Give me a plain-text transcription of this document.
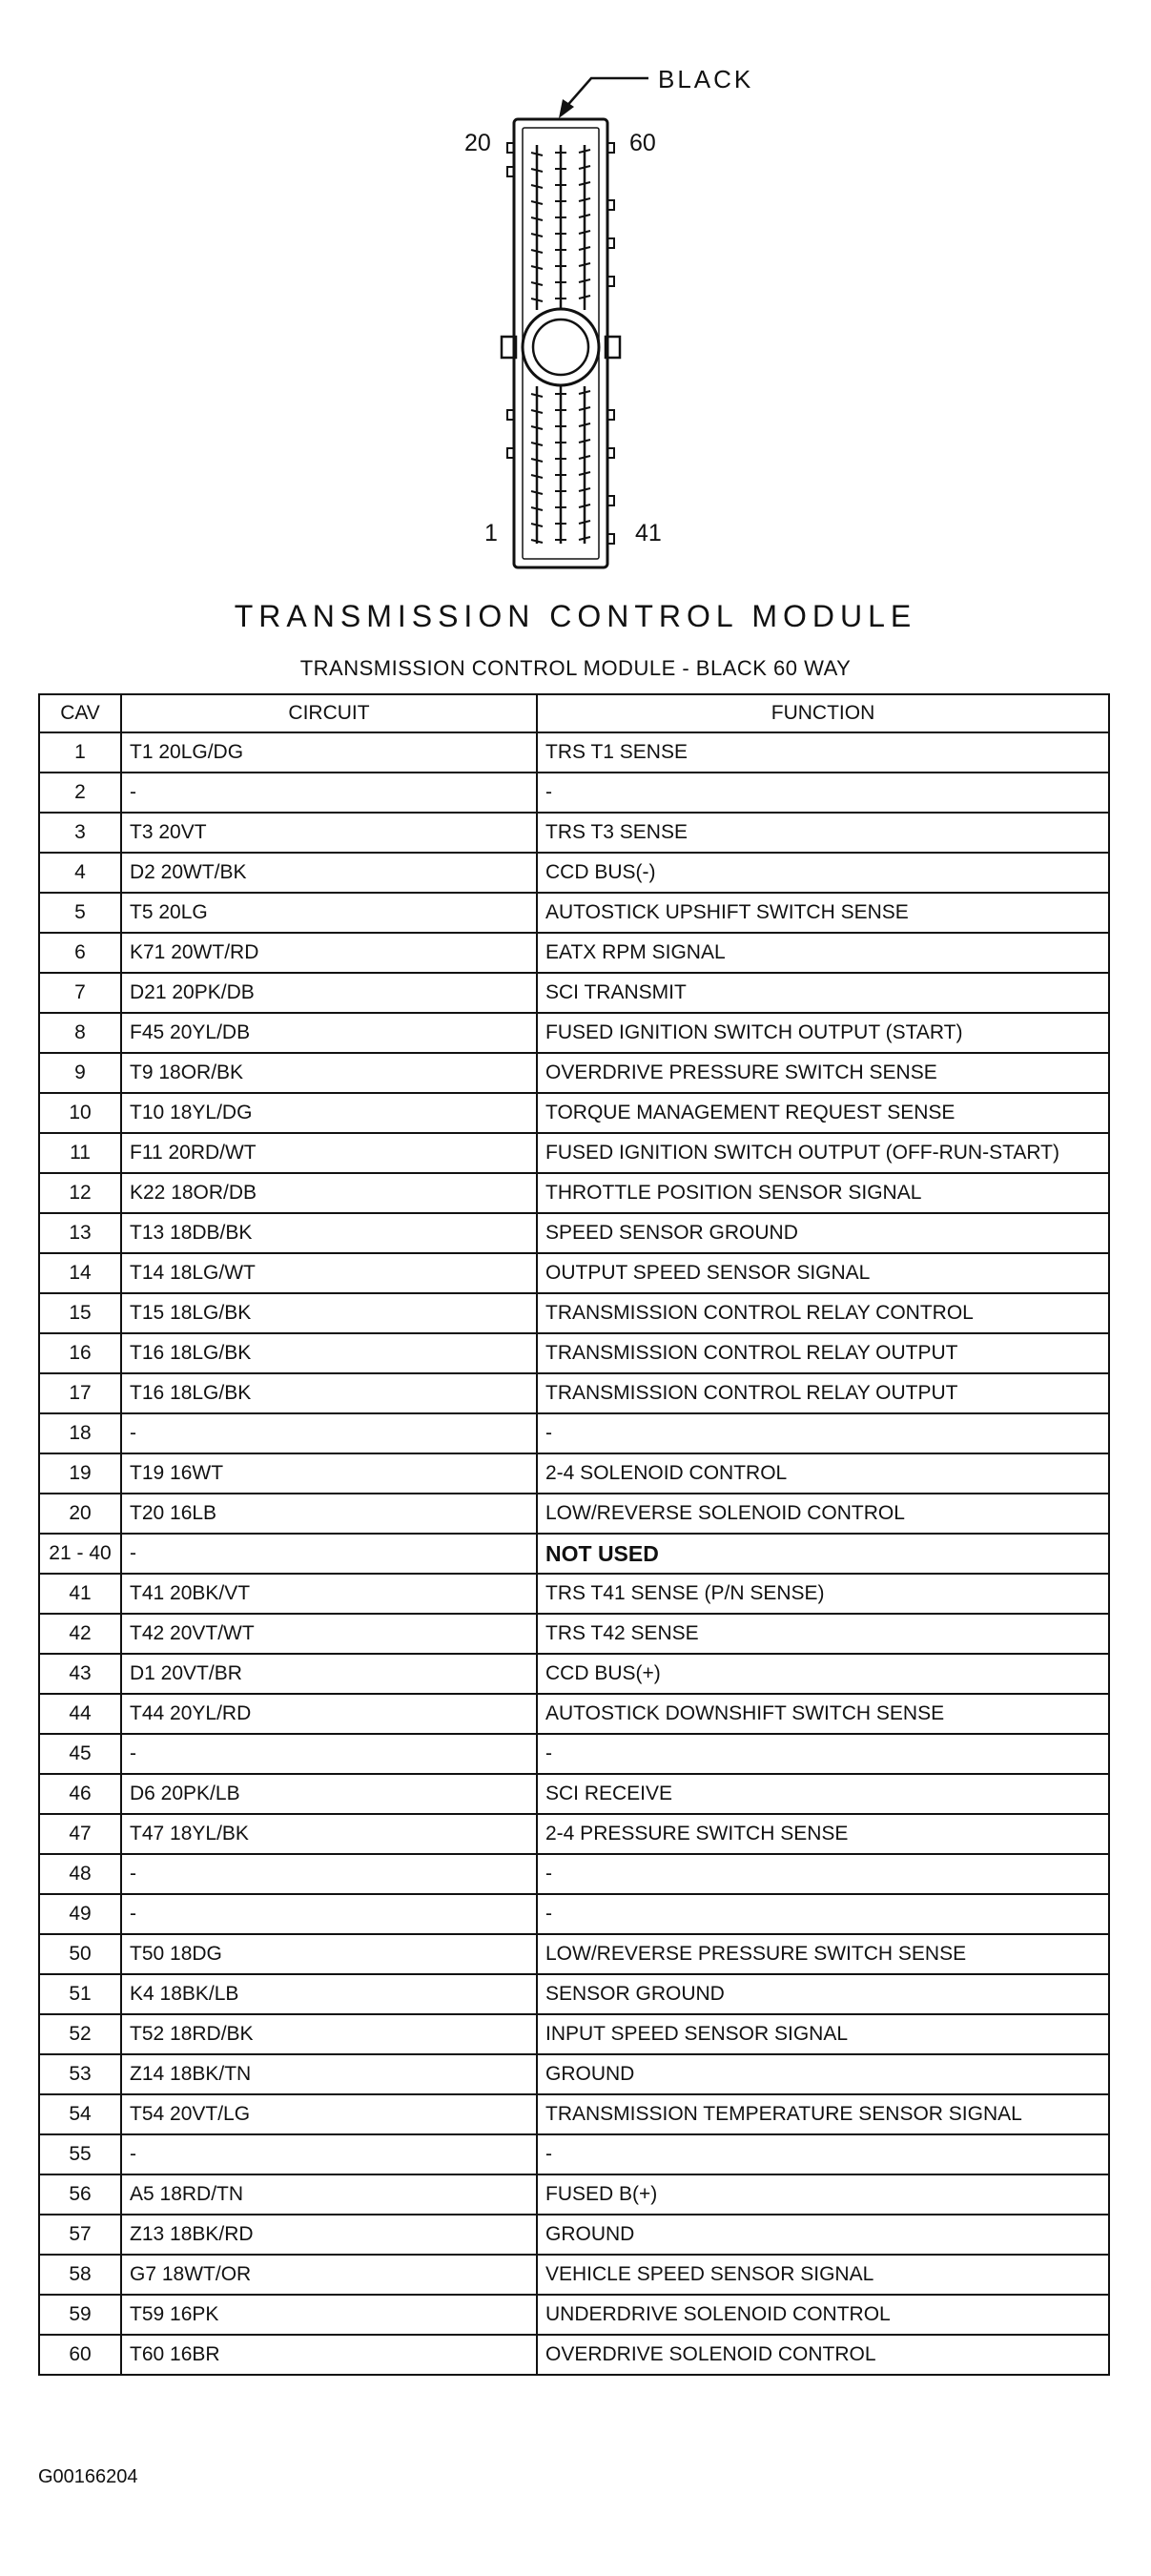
BLACK
20	60
1	41
TRANSMISSION CONTROL MODULE
TRANSMISSION CONTROL MODULE - BLACK 60 WAY
CAV	CIRCUIT	FUNCTION
1	T1 20LG/DG	TRS T1 SENSE
2	-	-
3	T3 20VT	TRS T3 SENSE
4	D2 20WT/BK	CCD BUS(-)
5	T5 20LG	AUTOSTICK UPSHIFT SWITCH SENSE
6	K71 20WT/RD	EATX RPM SIGNAL
7	D21 20PK/DB	SCI TRANSMIT
8	F45 20YL/DB	FUSED IGNITION SWITCH OUTPUT (START)
9	T9 18OR/BK	OVERDRIVE PRESSURE SWITCH SENSE
10	T10 18YL/DG	TORQUE MANAGEMENT REQUEST SENSE
11	F11 20RD/WT	FUSED IGNITION SWITCH OUTPUT (OFF-RUN-START)
12	K22 18OR/DB	THROTTLE POSITION SENSOR SIGNAL
13	T13 18DB/BK	SPEED SENSOR GROUND
14	T14 18LG/WT	OUTPUT SPEED SENSOR SIGNAL
15	T15 18LG/BK	TRANSMISSION CONTROL RELAY CONTROL
16	T16 18LG/BK	TRANSMISSION CONTROL RELAY OUTPUT
17	T16 18LG/BK	TRANSMISSION CONTROL RELAY OUTPUT
18	-	-
19	T19 16WT	2-4 SOLENOID CONTROL
20	T20 16LB	LOW/REVERSE SOLENOID CONTROL
21 - 40	-	NOT USED
41	T41 20BK/VT	TRS T41 SENSE (P/N SENSE)
42	T42 20VT/WT	TRS T42 SENSE
43	D1 20VT/BR	CCD BUS(+)
44	T44 20YL/RD	AUTOSTICK DOWNSHIFT SWITCH SENSE
45	-	-
46	D6 20PK/LB	SCI RECEIVE
47	T47 18YL/BK	2-4 PRESSURE SWITCH SENSE
48	-	-
49	-	-
50	T50 18DG	LOW/REVERSE PRESSURE SWITCH SENSE
51	K4 18BK/LB	SENSOR GROUND
52	T52 18RD/BK	INPUT SPEED SENSOR SIGNAL
53	Z14 18BK/TN	GROUND
54	T54 20VT/LG	TRANSMISSION TEMPERATURE SENSOR SIGNAL
55	-	-
56	A5 18RD/TN	FUSED B(+)
57	Z13 18BK/RD	GROUND
58	G7 18WT/OR	VEHICLE SPEED SENSOR SIGNAL
59	T59 16PK	UNDERDRIVE SOLENOID CONTROL
60	T60 16BR	OVERDRIVE SOLENOID CONTROL
G00166204
